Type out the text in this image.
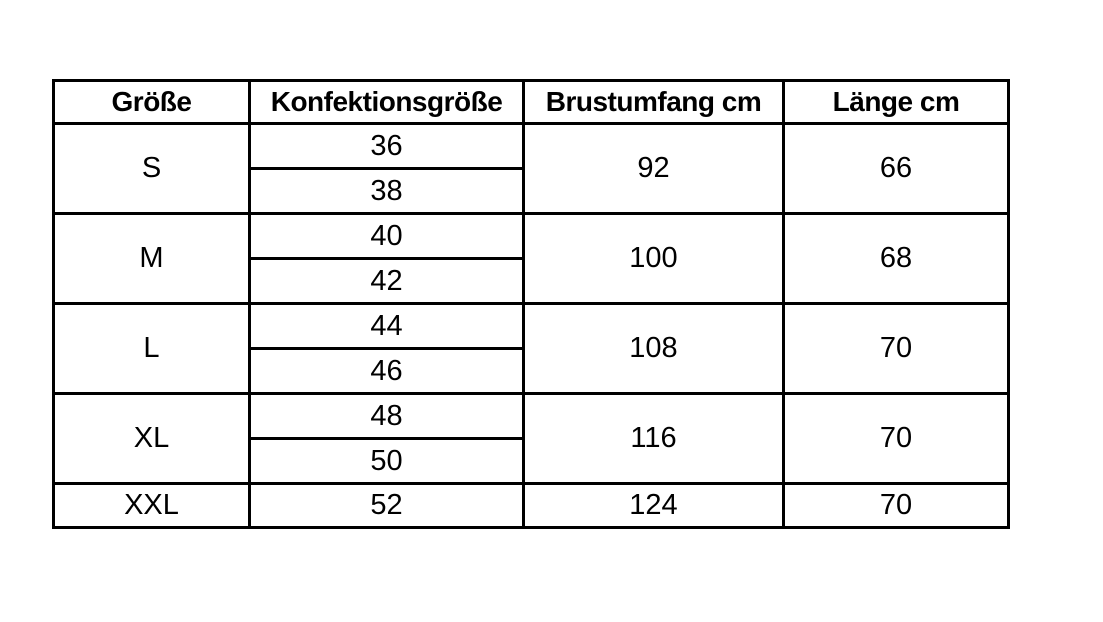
Größe	Konfektionsgröße	Brustumfang cm	Länge cm
S	36	92	66
	38		
M	40	100	68
	42		
L	44	108	70
	46		
XL	48	116	70
	50		
XXL	52	124	70
